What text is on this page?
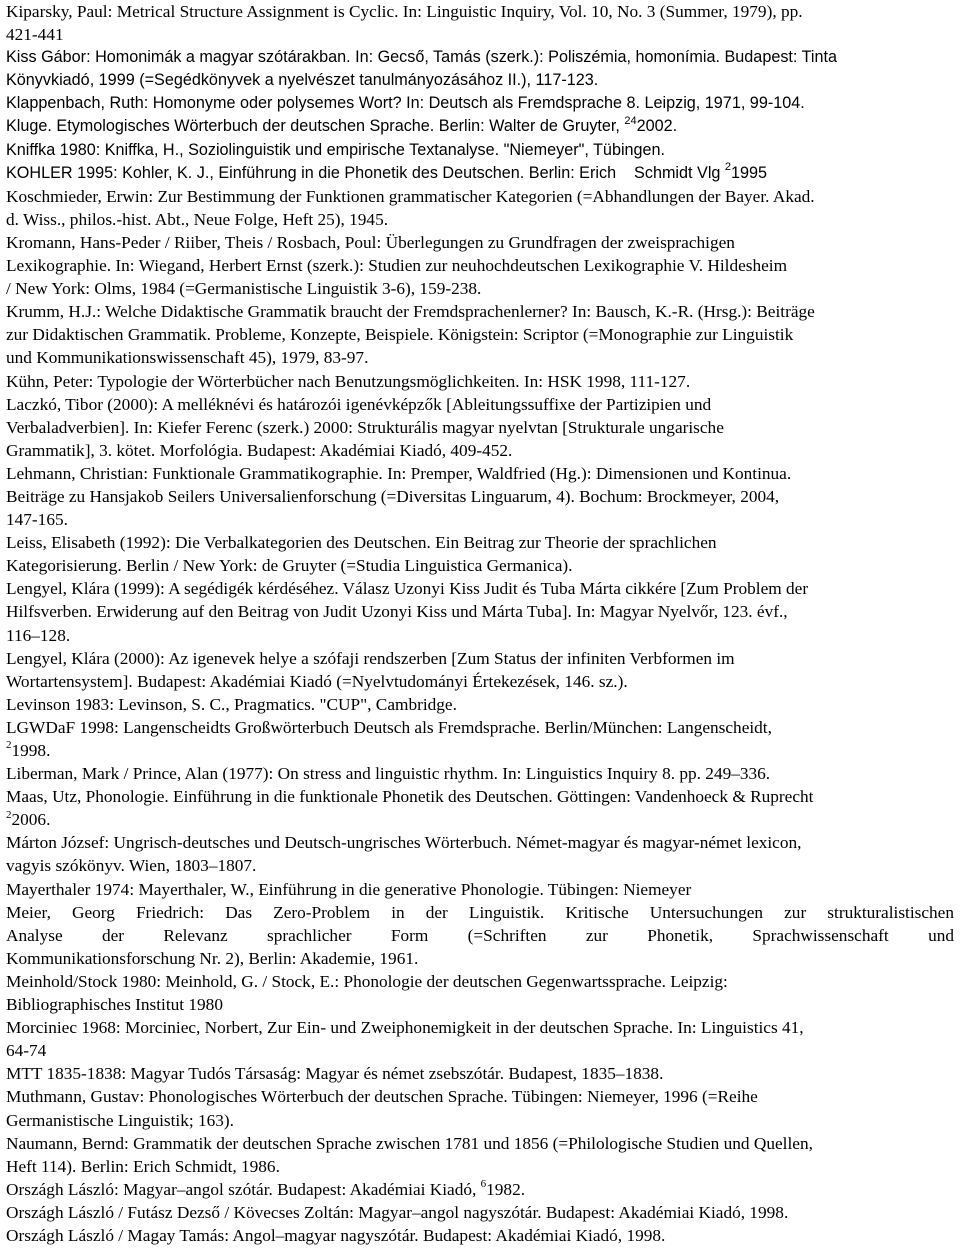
Kiparsky, Paul: Metrical Structure Assignment is Cyclic. In: Linguistic Inquiry, Vol. 10, No. 3 (Summer, 1979), pp.
421-441

Kiss Gábor: Homonimák a magyar szótárakban. In: Gecső, Tamás (szerk.): Poliszémia, homonímia. Budapest: Tinta
Könyvkiadó, 1999 (=Segédkönyvek a nyelvészet tanulmányozásához II.), 117-123.

Klappenbach, Ruth: Homonyme oder polysemes Wort? In: Deutsch als Fremdsprache 8. Leipzig, 1971, 99-104.

Kluge. Etymologisches Wörterbuch der deutschen Sprache. Berlin: Walter de Gruyter, $^{24}$2002.

Kniffka 1980: Kniffka, H., Soziolinguistik und empirische Textanalyse. "Niemeyer", Tübingen.

KOHLER 1995: Kohler, K. J., Einführung in die Phonetik des Deutschen. Berlin: Erich    Schmidt Vlg $^2$1995

Koschmieder, Erwin: Zur Bestimmung der Funktionen grammatischer Kategorien (=Abhandlungen der Bayer. Akad.
d. Wiss., philos.-hist. Abt., Neue Folge, Heft 25), 1945.

Kromann, Hans-Peder / Riiber, Theis / Rosbach, Poul: Überlegungen zu Grundfragen der zweisprachigen
Lexikographie. In: Wiegand, Herbert Ernst (szerk.): Studien zur neuhochdeutschen Lexikographie V. Hildesheim
/ New York: Olms, 1984 (=Germanistische Linguistik 3-6), 159-238.

Krumm, H.J.: Welche Didaktische Grammatik braucht der Fremdsprachenlerner? In: Bausch, K.-R. (Hrsg.): Beiträge
zur Didaktischen Grammatik. Probleme, Konzepte, Beispiele. Königstein: Scriptor (=Monographie zur Linguistik
und Kommunikationswissenschaft 45), 1979, 83-97.

Kühn, Peter: Typologie der Wörterbücher nach Benutzungsmöglichkeiten. In: HSK 1998, 111-127.

Laczkó, Tibor (2000): A melléknévi és határozói igenévképzők [Ableitungssuffixe der Partizipien und
Verbaladverbien]. In: Kiefer Ferenc (szerk.) 2000: Strukturális magyar nyelvtan [Strukturale ungarische
Grammatik], 3. kötet. Morfológia. Budapest: Akadémiai Kiadó, 409-452.

Lehmann, Christian: Funktionale Grammatikographie. In: Premper, Waldfried (Hg.): Dimensionen und Kontinua.
Beiträge zu Hansjakob Seilers Universalienforschung (=Diversitas Linguarum, 4). Bochum: Brockmeyer, 2004,
147-165.

Leiss, Elisabeth (1992): Die Verbalkategorien des Deutschen. Ein Beitrag zur Theorie der sprachlichen
Kategorisierung. Berlin / New York: de Gruyter (=Studia Linguistica Germanica).

Lengyel, Klára (1999): A segédigék kérdéséhez. Válasz Uzonyi Kiss Judit és Tuba Márta cikkére [Zum Problem der
Hilfsverben. Erwiderung auf den Beitrag von Judit Uzonyi Kiss und Márta Tuba]. In: Magyar Nyelvőr, 123. évf.,
116–128.

Lengyel, Klára (2000): Az igenevek helye a szófaji rendszerben [Zum Status der infiniten Verbformen im
Wortartensystem]. Budapest: Akadémiai Kiadó (=Nyelvtudományi Értekezések, 146. sz.).

Levinson 1983: Levinson, S. C., Pragmatics. "CUP", Cambridge.

LGWDaF 1998: Langenscheidts Großwörterbuch Deutsch als Fremdsprache. Berlin/München: Langenscheidt,
$^2$1998.

Liberman, Mark / Prince, Alan (1977): On stress and linguistic rhythm. In: Linguistics Inquiry 8. pp. 249–336.

Maas, Utz, Phonologie. Einführung in die funktionale Phonetik des Deutschen. Göttingen: Vandenhoeck & Ruprecht
$^2$2006.

Márton József: Ungrisch-deutsches und Deutsch-ungrisches Wörterbuch. Német-magyar és magyar-német lexicon,
vagyis szókönyv. Wien, 1803–1807.

Mayerthaler 1974: Mayerthaler, W., Einführung in die generative Phonologie. Tübingen: Niemeyer

Meier, Georg Friedrich: Das Zero-Problem in der Linguistik. Kritische Untersuchungen zur strukturalistischen
Analyse der Relevanz sprachlicher Form (=Schriften zur Phonetik, Sprachwissenschaft und
Kommunikationsforschung Nr. 2), Berlin: Akademie, 1961.

Meinhold/Stock 1980: Meinhold, G. / Stock, E.: Phonologie der deutschen Gegenwartssprache. Leipzig:
Bibliographisches Institut 1980

Morciniec 1968: Morciniec, Norbert, Zur Ein- und Zweiphonemigkeit in der deutschen Sprache. In: Linguistics 41,
64-74

MTT 1835-1838: Magyar Tudós Társaság: Magyar és német zsebszótár. Budapest, 1835–1838.

Muthmann, Gustav: Phonologisches Wörterbuch der deutschen Sprache. Tübingen: Niemeyer, 1996 (=Reihe
Germanistische Linguistik; 163).

Naumann, Bernd: Grammatik der deutschen Sprache zwischen 1781 und 1856 (=Philologische Studien und Quellen,
Heft 114). Berlin: Erich Schmidt, 1986.

Országh László: Magyar–angol szótár. Budapest: Akadémiai Kiadó, $^6$1982.

Országh László / Futász Dezső / Kövecses Zoltán: Magyar–angol nagyszótár. Budapest: Akadémiai Kiadó, 1998.

Országh László / Magay Tamás: Angol–magyar nagyszótár. Budapest: Akadémiai Kiadó, 1998.
